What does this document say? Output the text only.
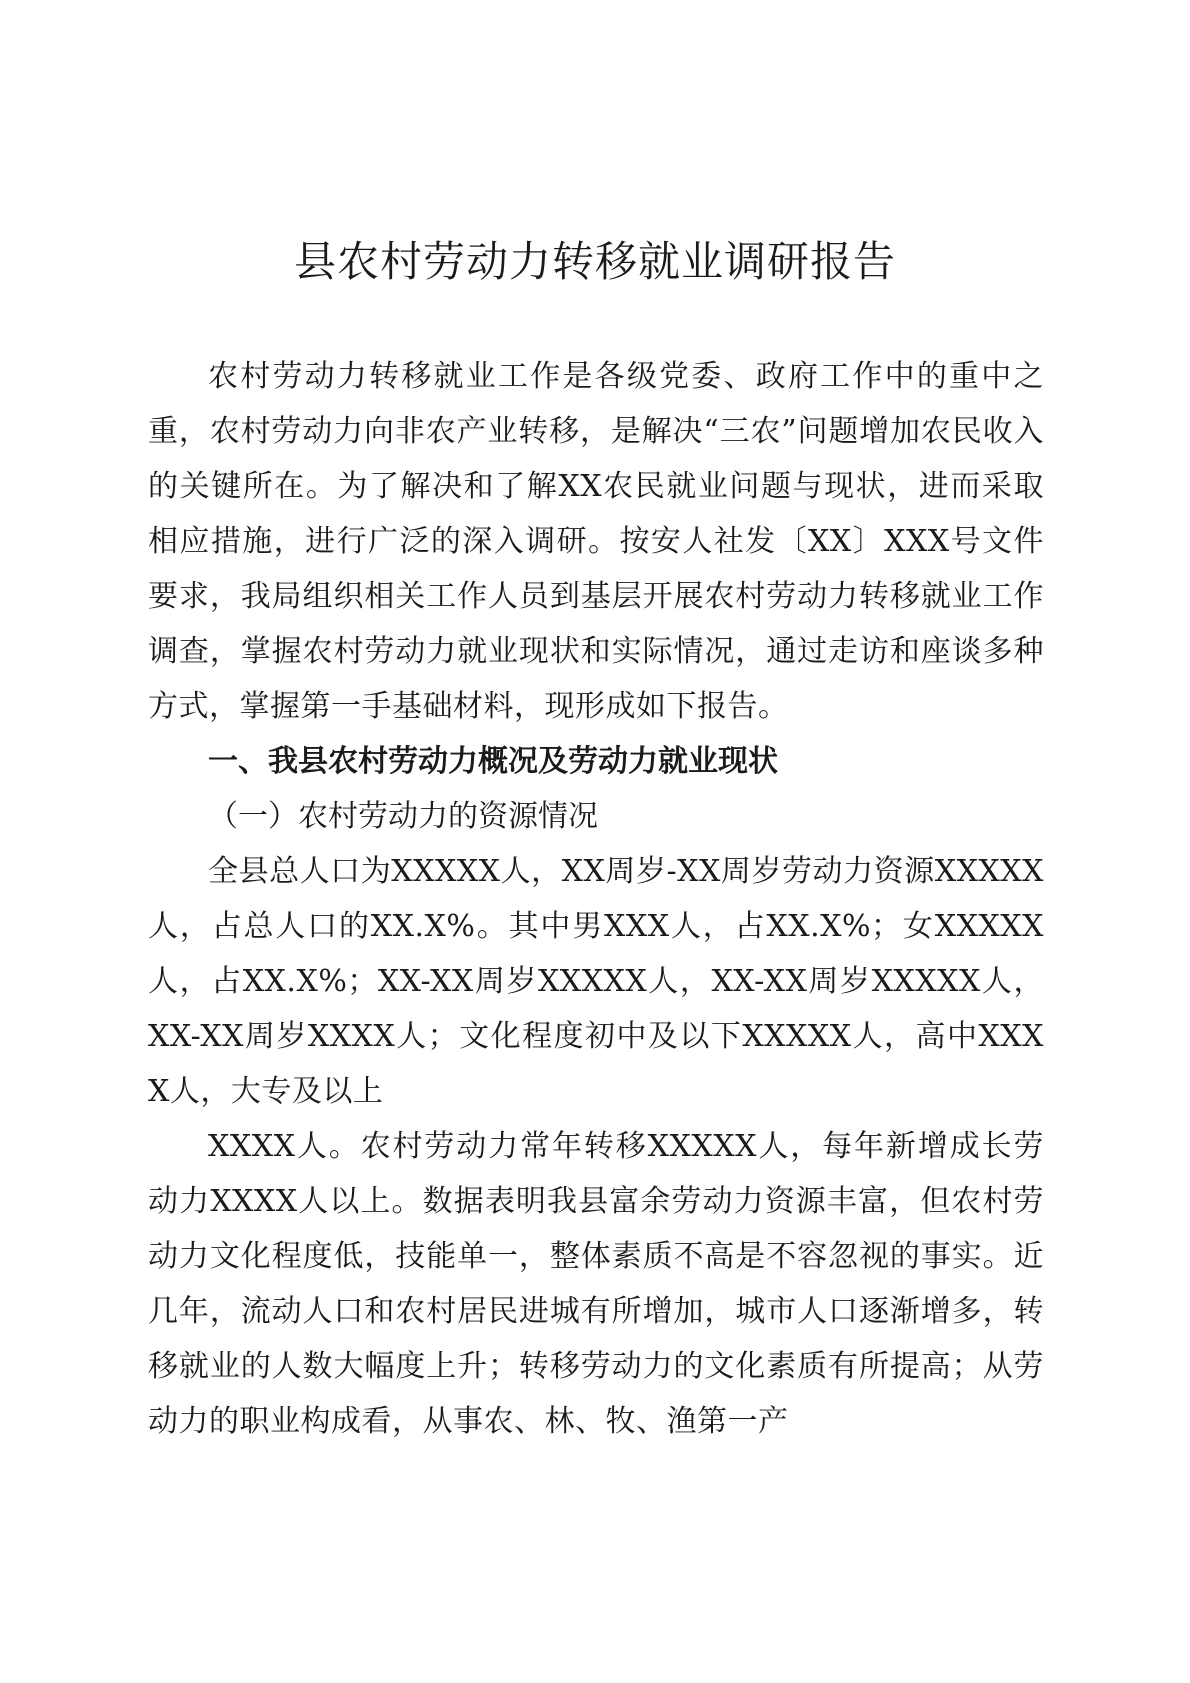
县农村劳动力转移就业调研报告

农村劳动力转移就业工作是各级党委、政府工作中的重中之重，农村劳动力向非农产业转移，是解决“三农”问题增加农民收入的关键所在。为了解决和了解XX农民就业问题与现状，进而采取相应措施，进行广泛的深入调研。按安人社发〔XX〕XXX号文件要求，我局组织相关工作人员到基层开展农村劳动力转移就业工作调查，掌握农村劳动力就业现状和实际情况，通过走访和座谈多种方式，掌握第一手基础材料，现形成如下报告。

一、我县农村劳动力概况及劳动力就业现状

（一）农村劳动力的资源情况

全县总人口为XXXXX人，XX周岁-XX周岁劳动力资源XXXXX人，占总人口的XX.X%。其中男XXX人，占XX.X%；女XXXXX人，占XX.X%；XX-XX周岁XXXXX人，XX-XX周岁XXXXX人，XX-XX周岁XXXX人；文化程度初中及以下XXXXX人，高中XXXX人，大专及以上

XXXX人。农村劳动力常年转移XXXXX人，每年新增成长劳动力XXXX人以上。数据表明我县富余劳动力资源丰富，但农村劳动力文化程度低，技能单一，整体素质不高是不容忽视的事实。近几年，流动人口和农村居民进城有所增加，城市人口逐渐增多，转移就业的人数大幅度上升；转移劳动力的文化素质有所提高；从劳动力的职业构成看，从事农、林、牧、渔第一产
